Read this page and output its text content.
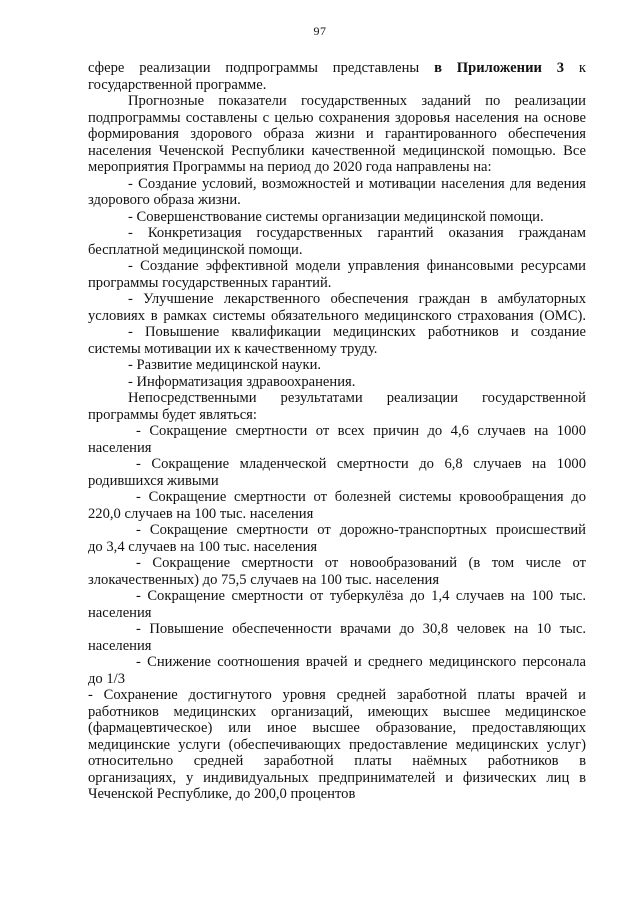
97
сфере реализации подпрограммы представлены в Приложении 3 к
государственной программе.
Прогнозные показатели государственных заданий по реализации
подпрограммы составлены с целью сохранения здоровья населения на основе
формирования здорового образа жизни и гарантированного обеспечения
населения Чеченской Республики качественной медицинской помощью. Все
мероприятия Программы на период до 2020 года направлены на:
- Создание условий, возможностей и мотивации населения для ведения
здорового образа жизни.
- Совершенствование системы организации медицинской помощи.
- Конкретизация государственных гарантий оказания гражданам
бесплатной медицинской помощи.
- Создание эффективной модели управления финансовыми ресурсами
программы государственных гарантий.
- Улучшение лекарственного обеспечения граждан в амбулаторных
условиях в рамках системы обязательного медицинского страхования (ОМС).
- Повышение квалификации медицинских работников и создание
системы мотивации их к качественному труду.
- Развитие медицинской науки.
- Информатизация здравоохранения.
Непосредственными результатами реализации государственной
программы будет являться:
- Сокращение смертности от всех причин до 4,6 случаев на 1000
населения
- Сокращение младенческой смертности до 6,8 случаев на 1000
родившихся живыми
- Сокращение смертности от болезней системы кровообращения до
220,0 случаев на 100 тыс. населения
- Сокращение смертности от дорожно-транспортных происшествий
до 3,4 случаев на 100 тыс. населения
- Сокращение смертности от новообразований (в том числе от
злокачественных) до 75,5 случаев на 100 тыс. населения
- Сокращение смертности от туберкулёза до 1,4 случаев на 100 тыс.
населения
- Повышение обеспеченности врачами до 30,8 человек на 10 тыс.
населения
- Снижение соотношения врачей и среднего медицинского персонала
до 1/3
- Сохранение достигнутого уровня средней заработной платы врачей и
работников медицинских организаций, имеющих высшее медицинское
(фармацевтическое) или иное высшее образование, предоставляющих
медицинские услуги (обеспечивающих предоставление медицинских услуг)
относительно средней заработной платы наёмных работников в
организациях, у индивидуальных предпринимателей и физических лиц в
Чеченской Республике, до 200,0 процентов
